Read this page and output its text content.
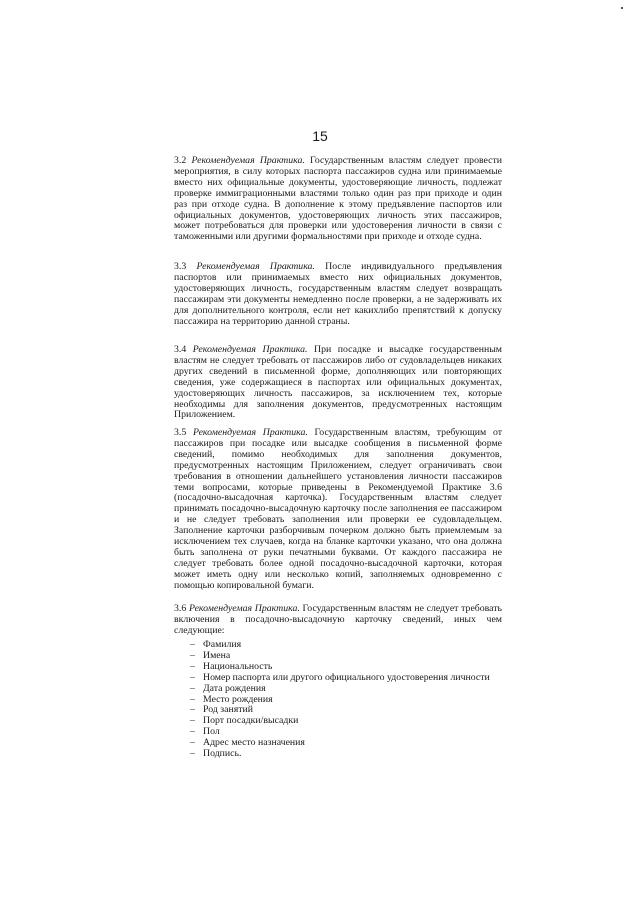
15
3.2 Рекомендуемая Практика. Государственным властям следует провести мероприятия, в силу которых паспорта пассажиров судна или принимаемые вместо них официальные документы, удостоверяющие личность, подлежат проверке иммиграционными властями только один раз при приходе и один раз при отходе судна. В дополнение к этому предъявление паспортов или официальных документов, удостоверяющих личность этих пассажиров, может потребоваться для проверки или удостоверения личности в связи с таможенными или другими формальностями при приходе и отходе судна.
3.3 Рекомендуемая Практика. После индивидуального предъявления паспортов или принимаемых вместо них официальных документов, удостоверяющих личность, государственным властям следует возвращать пассажирам эти документы немедленно после проверки, а не задерживать их для дополнительного контроля, если нет какихлибо препятствий к допуску пассажира на территорию данной страны.
3.4 Рекомендуемая Практика. При посадке и высадке государственным властям не следует требовать от пассажиров либо от судовладельцев никаких других сведений в письменной форме, дополняющих или повторяющих сведения, уже содержащиеся в паспортах или официальных документах, удостоверяющих личность пассажиров, за исключением тех, которые необходимы для заполнения документов, предусмотренных настоящим Приложением.
3.5 Рекомендуемая Практика. Государственным властям, требующим от пассажиров при посадке или высадке сообщения в письменной форме сведений, помимо необходимых для заполнения документов, предусмотренных настоящим Приложением, следует ограничивать свои требования в отношении дальнейшего установления личности пассажиров теми вопросами, которые приведены в Рекомендуемой Практике 3.6 (посадочно-высадочная карточка). Государственным властям следует принимать посадочно-высадочную карточку после заполнения ее пассажиром и не следует требовать заполнения или проверки ее судовладельцем. Заполнение карточки разборчивым почерком должно быть приемлемым за исключением тех случаев, когда на бланке карточки указано, что она должна быть заполнена от руки печатными буквами. От каждого пассажира не следует требовать более одной посадочно-высадочной карточки, которая может иметь одну или несколько копий, заполняемых одновременно с помощью копировальной бумаги.
3.6 Рекомендуемая Практика. Государственным властям не следует требовать включения в посадочно-высадочную карточку сведений, иных чем следующие:
– Фамилия
– Имена
– Национальность
– Номер паспорта или другого официального удостоверения личности
– Дата рождения
– Место рождения
– Род занятий
– Порт посадки/высадки
– Пол
– Адрес место назначения
– Подпись.
